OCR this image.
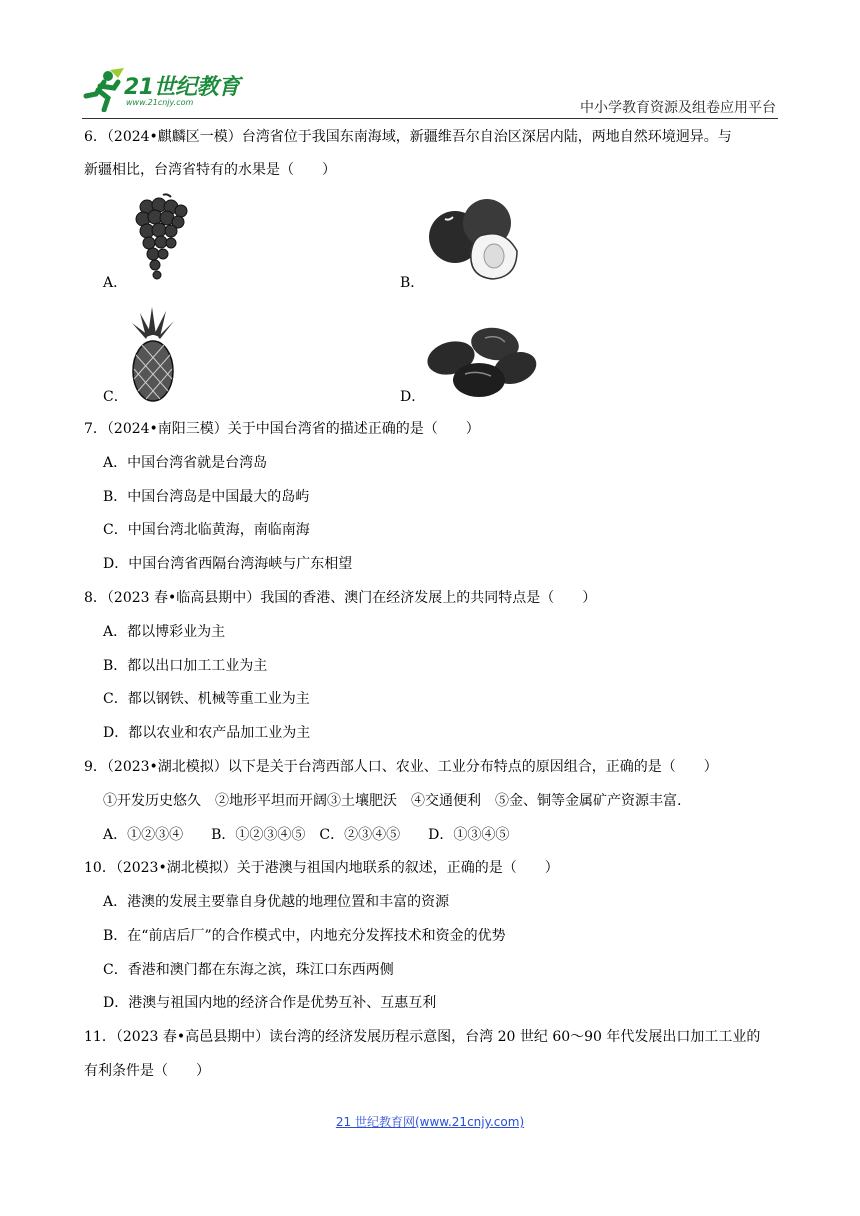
21世纪教育
www.21cnjy.com	中小学教育资源及组卷应用平台
6．（2024•麒麟区一模）台湾省位于我国东南海域，新疆维吾尔自治区深居内陆，两地自然环境迥异。与
新疆相比，台湾省特有的水果是（　　）
A．	B．
C．	D．
7．（2024•南阳三模）关于中国台湾省的描述正确的是（　　）
A．中国台湾省就是台湾岛
B．中国台湾岛是中国最大的岛屿
C．中国台湾北临黄海，南临南海
D．中国台湾省西隔台湾海峡与广东相望
8．（2023 春•临高县期中）我国的香港、澳门在经济发展上的共同特点是（　　）
A．都以博彩业为主
B．都以出口加工工业为主
C．都以钢铁、机械等重工业为主
D．都以农业和农产品加工业为主
9．（2023•湖北模拟）以下是关于台湾西部人口、农业、工业分布特点的原因组合，正确的是（　　）
①开发历史悠久　②地形平坦而开阔③土壤肥沃　④交通便利　⑤金、铜等金属矿产资源丰富.
A．①②③④　　B．①②③④⑤　C．②③④⑤　　D．①③④⑤
10．（2023•湖北模拟）关于港澳与祖国内地联系的叙述，正确的是（　　）
A．港澳的发展主要靠自身优越的地理位置和丰富的资源
B．在“前店后厂”的合作模式中，内地充分发挥技术和资金的优势
C．香港和澳门都在东海之滨，珠江口东西两侧
D．港澳与祖国内地的经济合作是优势互补、互惠互利
11．（2023 春•高邑县期中）读台湾的经济发展历程示意图，台湾 20 世纪 60～90 年代发展出口加工工业的
有利条件是（　　）
21 世纪教育网(www.21cnjy.com)
